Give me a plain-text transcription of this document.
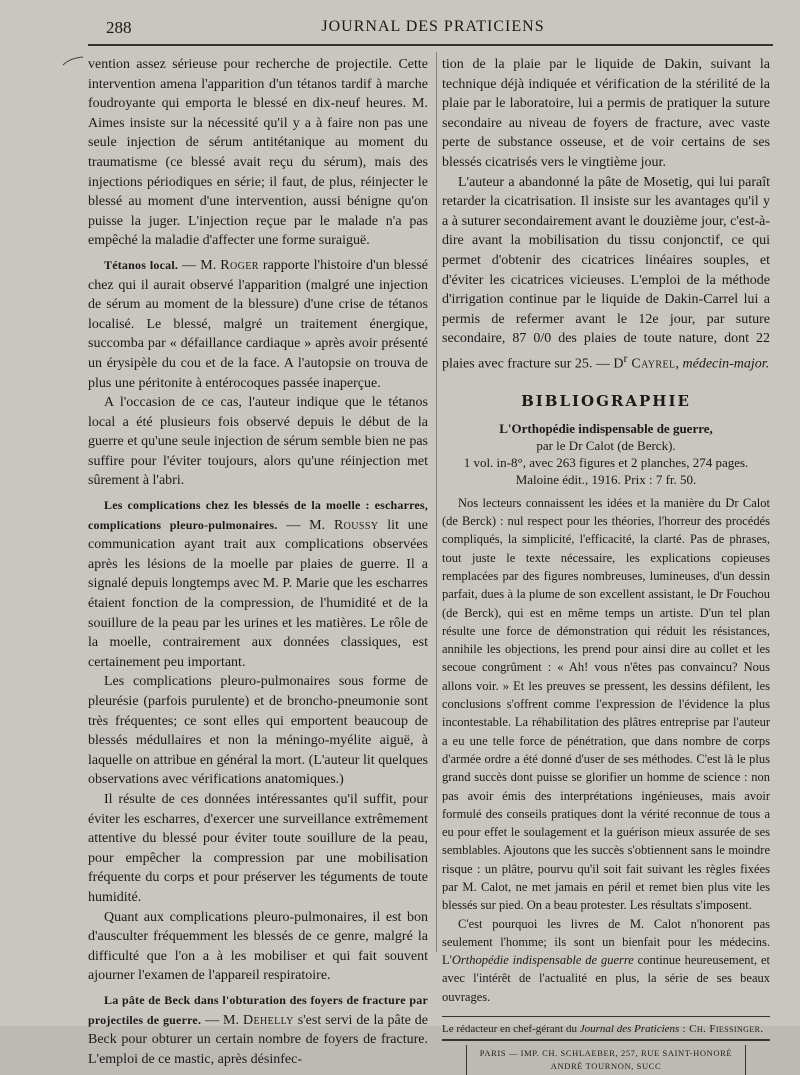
288	JOURNAL DES PRATICIENS

vention assez sérieuse pour recherche de projectile. Cette intervention amena l'apparition d'un tétanos tardif à marche foudroyante qui emporta le blessé en dix-neuf heures. M. Aimes insiste sur la nécessité qu'il y a à faire non pas une seule injection de sérum antitétanique au moment du traumatisme (ce blessé avait reçu du sérum), mais des injections périodiques en série; il faut, de plus, réinjecter le blessé au moment d'une intervention, aussi bénigne qu'on puisse la juger. L'injection reçue par le malade n'a pas empêché la maladie d'affecter une forme suraiguë.

Tétanos local. — M. Roger rapporte l'histoire d'un blessé chez qui il aurait observé l'apparition (malgré une injection de sérum au moment de la blessure) d'une crise de tétanos localisé. Le blessé, malgré un traitement énergique, succomba par « défaillance cardiaque » après avoir présenté un érysipèle du cou et de la face. A l'autopsie on trouva de plus une péritonite à entérocoques passée inaperçue.

A l'occasion de ce cas, l'auteur indique que le tétanos local a été plusieurs fois observé depuis le début de la guerre et qu'une seule injection de sérum semble bien ne pas suffire pour l'éviter toujours, alors qu'une réinjection met sûrement à l'abri.

Les complications chez les blessés de la moelle : escharres, complications pleuro-pulmonaires. — M. Roussy lit une communication ayant trait aux complications observées après les lésions de la moelle par plaies de guerre. Il a signalé depuis longtemps avec M. P. Marie que les escharres étaient fonction de la compression, de l'humidité et de la souillure de la peau par les urines et les matières. Le rôle de la moelle, contrairement aux données classiques, est certainement peu important.

Les complications pleuro-pulmonaires sous forme de pleurésie (parfois purulente) et de broncho-pneumonie sont très fréquentes; ce sont elles qui emportent beaucoup de blessés médullaires et non la méningo-myélite aiguë, à laquelle on attribue en général la mort. (L'auteur lit quelques observations avec vérifications anatomiques.)

Il résulte de ces données intéressantes qu'il suffit, pour éviter les escharres, d'exercer une surveillance extrêmement attentive du blessé pour éviter toute souillure de la peau, pour empêcher la compression par une mobilisation fréquente du corps et pour préserver les téguments de toute humidité.

Quant aux complications pleuro-pulmonaires, il est bon d'ausculter fréquemment les blessés de ce genre, malgré la difficulté que l'on a à les mobiliser et qui fait souvent ajourner l'examen de l'appareil respiratoire.

La pâte de Beck dans l'obturation des foyers de fracture par projectiles de guerre. — M. Dehelly s'est servi de la pâte de Beck pour obturer un certain nombre de foyers de fracture. L'emploi de ce mastic, après désinfec-

tion de la plaie par le liquide de Dakin, suivant la technique déjà indiquée et vérification de la stérilité de la plaie par le laboratoire, lui a permis de pratiquer la suture secondaire au niveau de foyers de fracture, avec vaste perte de substance osseuse, et de voir certains de ses blessés cicatrisés vers le vingtième jour.

L'auteur a abandonné la pâte de Mosetig, qui lui paraît retarder la cicatrisation. Il insiste sur les avantages qu'il y a à suturer secondairement avant le douzième jour, c'est-à-dire avant la mobilisation du tissu conjonctif, ce qui permet d'obtenir des cicatrices linéaires souples, et d'éviter les cicatrices vicieuses. L'emploi de la méthode d'irrigation continue par le liquide de Dakin-Carrel lui a permis de refermer avant le 12e jour, par suture secondaire, 87 0/0 des plaies de toute nature, dont 22 plaies avec fracture sur 25. — $D^r$ Cayrel, médecin-major.

BIBLIOGRAPHIE
L'Orthopédie indispensable de guerre,
par le Dr Calot (de Berck).
1 vol. in-8°, avec 263 figures et 2 planches, 274 pages.
Maloine édit., 1916. Prix : 7 fr. 50.

Nos lecteurs connaissent les idées et la manière du Dr Calot (de Berck) : nul respect pour les théories, l'horreur des procédés compliqués, la simplicité, l'efficacité, la clarté. Pas de phrases, tout juste le texte nécessaire, les explications copieuses remplacées par des figures nombreuses, lumineuses, d'un dessin parfait, dues à la plume de son excellent assistant, le Dr Fouchou (de Berck), qui est en même temps un artiste. D'un tel plan résulte une force de démonstration qui réduit les résistances, annihile les objections, les prend pour ainsi dire au collet et les secoue congrûment : « Ah! vous n'êtes pas convaincu? Nous allons voir. » Et les preuves se pressent, les dessins défilent, les conclusions s'offrent comme l'expression de l'évidence la plus incontestable. La réhabilitation des plâtres entreprise par l'auteur a eu une telle force de pénétration, que dans nombre de corps d'armée ordre a été donné d'user de ses méthodes. C'est là le plus grand succès dont puisse se glorifier un homme de science : non pas avoir émis des interprétations ingénieuses, mais avoir formulé des conseils pratiques dont la vérité reconnue de tous a eu pour effet le soulagement et la guérison mieux assurée de ses semblables. Ajoutons que les succès s'obtiennent sans le moindre risque : un plâtre, pourvu qu'il soit fait suivant les règles fixées par M. Calot, ne met jamais en péril et remet bien plus vite les blessés sur pied. On a beau protester. Les résultats s'imposent.

C'est pourquoi les livres de M. Calot n'honorent pas seulement l'homme; ils sont un bienfait pour les médecins. L'Orthopédie indispensable de guerre continue heureusement, et avec l'intérêt de l'actualité en plus, la série de ses beaux ouvrages.

Le rédacteur en chef-gérant du Journal des Praticiens : Ch. Fiessinger.
PARIS — IMP. CH. SCHLAEBER, 257, RUE SAINT-HONORÉ
ANDRÉ TOURNON, SUCC
